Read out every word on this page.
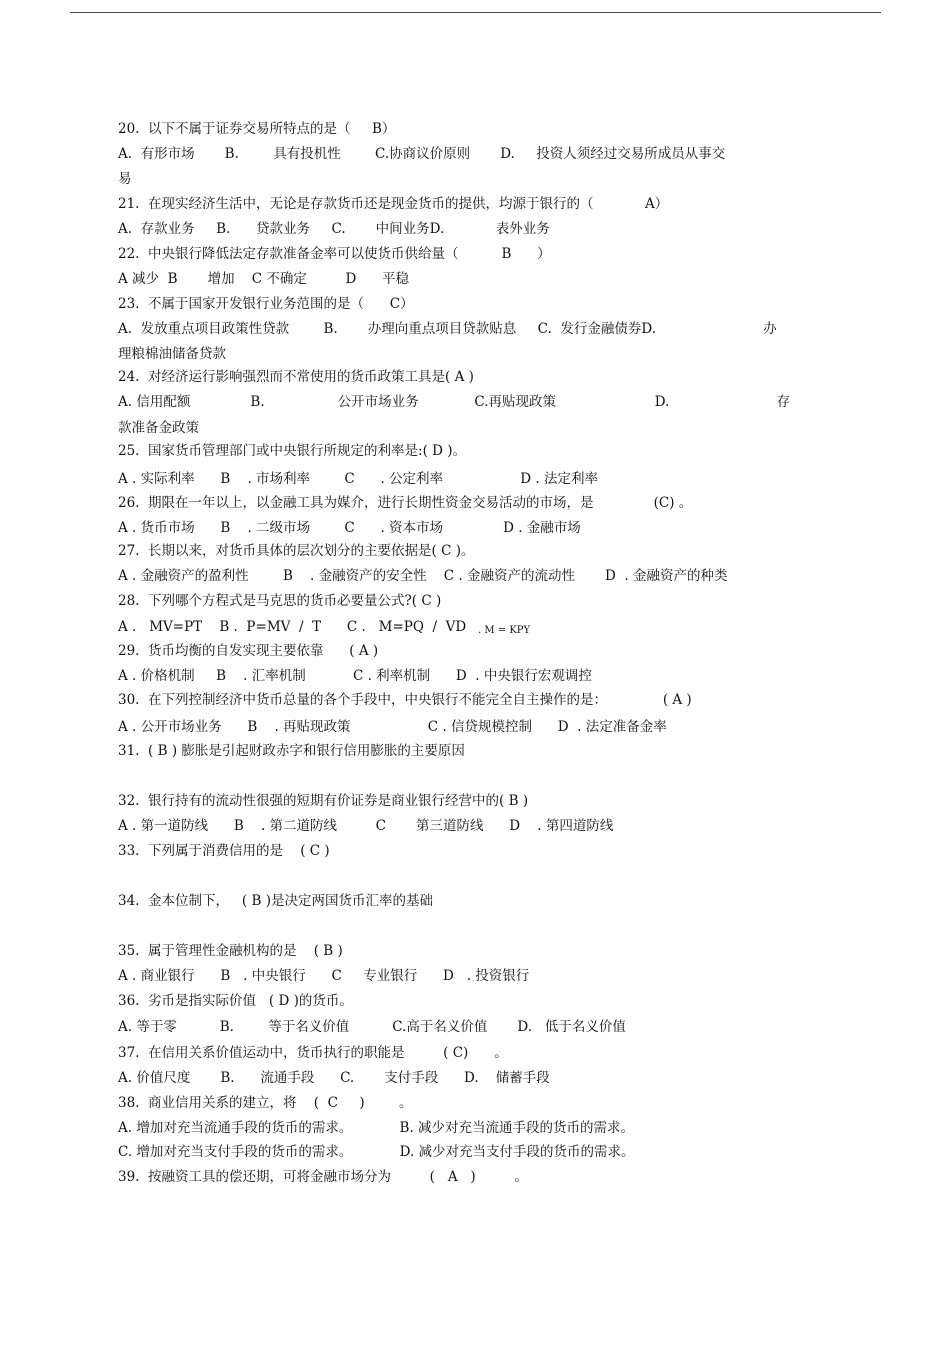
20.  以下不属于证券交易所特点的是（     B）
A.  有形市场       B.        具有投机性        C.协商议价原则       D.     投资人须经过交易所成员从事交
易
21.  在现实经济生活中，无论是存款货币还是现金货币的提供，均源于银行的（            A）
A.  存款业务     B.      贷款业务     C.       中间业务D.            表外业务
22.  中央银行降低法定存款准备金率可以使货币供给量（          B      ）
A 减少  B       增加    C 不确定         D      平稳
23.  不属于国家开发银行业务范围的是（      C）
A.  发放重点项目政策性贷款        B.       办理向重点项目贷款贴息     C.  发行金融债券D.                         办
理粮棉油储备贷款
24.  对经济运行影响强烈而不常使用的货币政策工具是( A )
A. 信用配额              B.                 公开市场业务             C.再贴现政策                       D.                         存
款准备金政策
25.  国家货币管理部门或中央银行所规定的利率是:( D )。
A . 实际利率      B    . 市场利率        C      . 公定利率                  D . 法定利率
26.  期限在一年以上，以金融工具为媒介，进行长期性资金交易活动的市场，是              (C) 。
A . 货币市场      B    . 二级市场        C      . 资本市场              D . 金融市场
27.  长期以来，对货币具体的层次划分的主要依据是( C )。
A . 金融资产的盈利性        B    . 金融资产的安全性    C . 金融资产的流动性       D  . 金融资产的种类
28.  下列哪个方程式是马克思的货币必要量公式?( C )
A .   MV=PT    B .  P=MV  /  T      C .   M=PQ  /  VD . M = KPY
29.  货币均衡的自发实现主要依靠      ( A )
A . 价格机制     B    . 汇率机制           C . 利率机制      D  . 中央银行宏观调控
30.  在下列控制经济中货币总量的各个手段中，中央银行不能完全自主操作的是：             ( A )
A . 公开市场业务      B    . 再贴现政策                  C . 信贷规模控制      D  . 法定准备金率
31.  ( B ) 膨胀是引起财政赤字和银行信用膨胀的主要原因
32.  银行持有的流动性很强的短期有价证券是商业银行经营中的( B )
A . 第一道防线      B    . 第二道防线         C       第三道防线      D    . 第四道防线
33.  下列属于消费信用的是    ( C )
34.  金本位制下，   ( B )是决定两国货币汇率的基础
35.  属于管理性金融机构的是    ( B )
A . 商业银行      B   . 中央银行      C     专业银行      D   . 投资银行
36.  劣币是指实际价值   ( D )的货币。
A. 等于零          B.        等于名义价值          C.高于名义价值       D.   低于名义价值
37.  在信用关系价值运动中，货币执行的职能是         ( C)      。
A. 价值尺度       B.      流通手段      C.       支付手段      D.    储蓄手段
38.  商业信用关系的建立，将    (  C     )        。
A. 增加对充当流通手段的货币的需求。           B. 减少对充当流通手段的货币的需求。
C. 增加对充当支付手段的货币的需求。           D. 减少对充当支付手段的货币的需求。
39.  按融资工具的偿还期，可将金融市场分为         (   A   )         。
